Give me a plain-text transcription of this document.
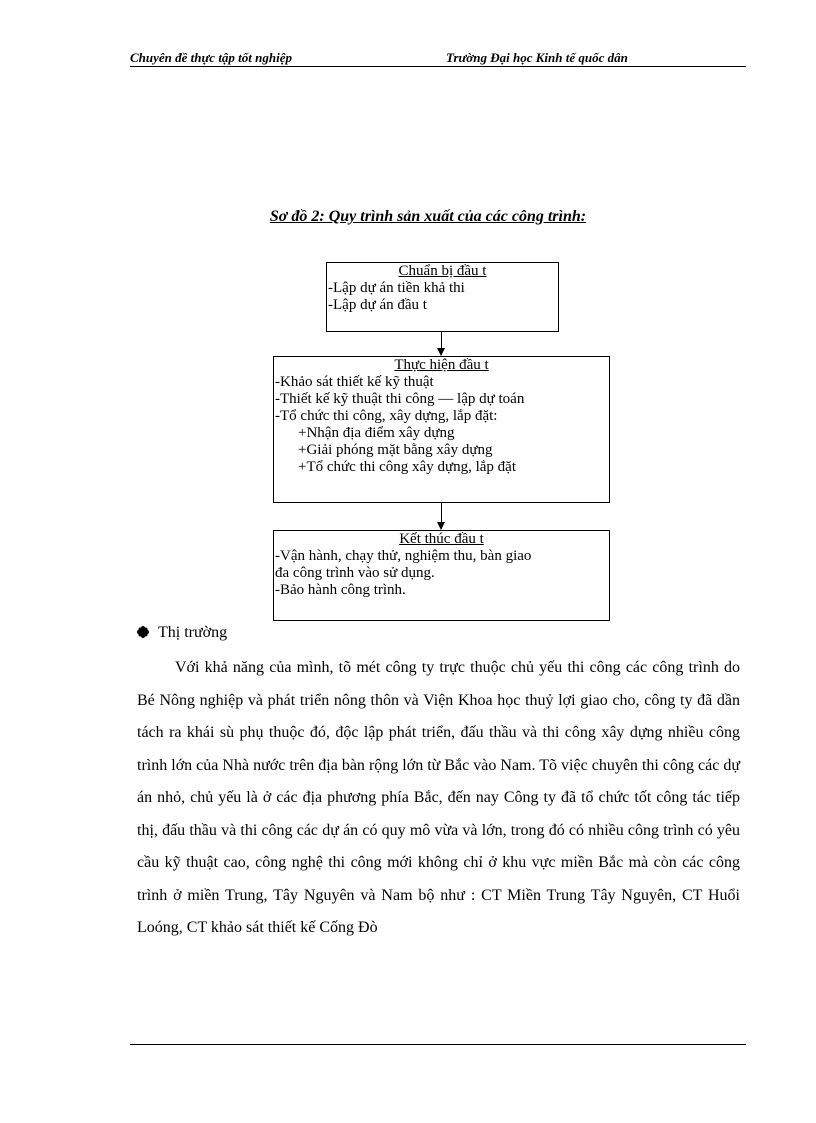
Chuyên đề thực tập tốt nghiệp	Trường Đại học Kinh tế quốc dân
Sơ đồ 2: Quy trình sản xuất của các công trình:
Chuẩn bị đầu t
-Lập dự án tiền khả thi
-Lập dự án đầu t
Thực hiện đầu t
-Khảo sát thiết kế kỹ thuật
-Thiết kế kỹ thuật thi công — lập dự toán
-Tổ chức thi công, xây dựng, lắp đặt:
+Nhận địa điểm xây dựng
+Giải phóng mặt bằng xây dựng
+Tổ chức thi công xây dựng, lắp đặt
Kết thúc đầu t
-Vận hành, chạy thử, nghiệm thu, bàn giao
đa công trình vào sử dụng.
-Bảo hành công trình.
Thị trường

Với khả năng của mình, tõ mét công ty trực thuộc chủ yếu thi công các công trình do Bé Nông nghiệp và phát triển nông thôn và Viện Khoa học thuỷ lợi giao cho, công ty đã dần tách ra khái sù phụ thuộc đó, độc lập phát triển, đấu thầu và thi công xây dựng nhiều công trình lớn của Nhà nước trên địa bàn rộng lớn từ Bắc vào Nam. Tõ việc chuyên thi công các dự án nhỏ, chủ yếu là ở các địa phương phía Bắc, đến nay Công ty đã tổ chức tốt công tác tiếp thị, đấu thầu và thi công các dự án có quy mô vừa và lớn, trong đó có nhiều công trình có yêu cầu kỹ thuật cao, công nghệ thi công mới không chỉ ở khu vực miền Bắc mà còn các công trình ở miền Trung, Tây Nguyên và Nam bộ như : CT Miền Trung Tây Nguyên, CT Huổi Loóng, CT khảo sát thiết kế Cống Đò
